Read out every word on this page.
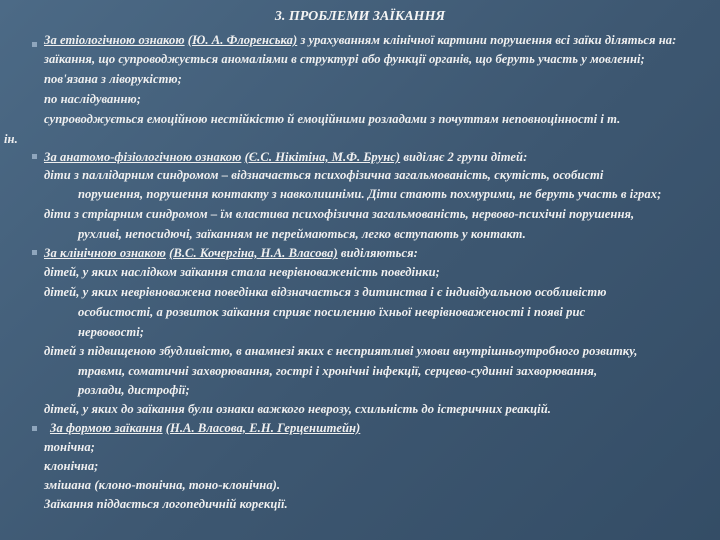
3. ПРОБЛЕМИ ЗАЇКАННЯ
За етіологічною ознакою (Ю. А. Флоренська) з урахуванням клінічної картини порушення всі заїки діляться на:
заїкання, що супроводжується аномаліями в структурі або функції органів, що беруть участь у мовленні;
пов'язана з ліворукістю;
по наслідуванню;
супроводжується емоційною нестійкістю й емоційними розладами з почуттям неповноцінності і т.
ін.
За анатомо-фізіологічною ознакою (Є.С. Нікітіна, М.Ф. Брунс) виділяє 2 групи дітей:
діти з паллідарним синдромом – відзначається психофізична загальмованість, скутість, особисті
порушення, порушення контакту з навколишніми. Діти стають похмурими, не беруть участь в іграх;
діти з стріарним синдромом – їм властива психофізична загальмованість, нервово-психічні порушення,
рухливі, непосидючі, заїканням не переймаються, легко вступають у контакт.
За клінічною ознакою (В.С. Кочергіна, Н.А. Власова) виділяються:
дітей, у яких наслідком заїкання стала неврівноваженість поведінки;
дітей, у яких неврівноважена поведінка відзначається з дитинства і є індивідуальною особливістю
особистості, а розвиток заїкання сприяє посиленню їхньої неврівноваженості і появі рис
нервовості;
дітей з підвищеною збудливістю, в анамнезі яких є несприятливі умови внутрішньоутробного розвитку,
травми, соматичні захворювання, гострі і хронічні інфекції, серцево-судинні захворювання,
розлади, дистрофії;
дітей, у яких до заїкання були ознаки важкого неврозу, схильність до істеричних реакцій.
За формою заїкання (Н.А. Власова, Е.Н. Герценштейн)
тонічна;
клонічна;
змішана (клоно-тонічна, тоно-клонічна).
Заїкання піддається логопедичній корекції.
